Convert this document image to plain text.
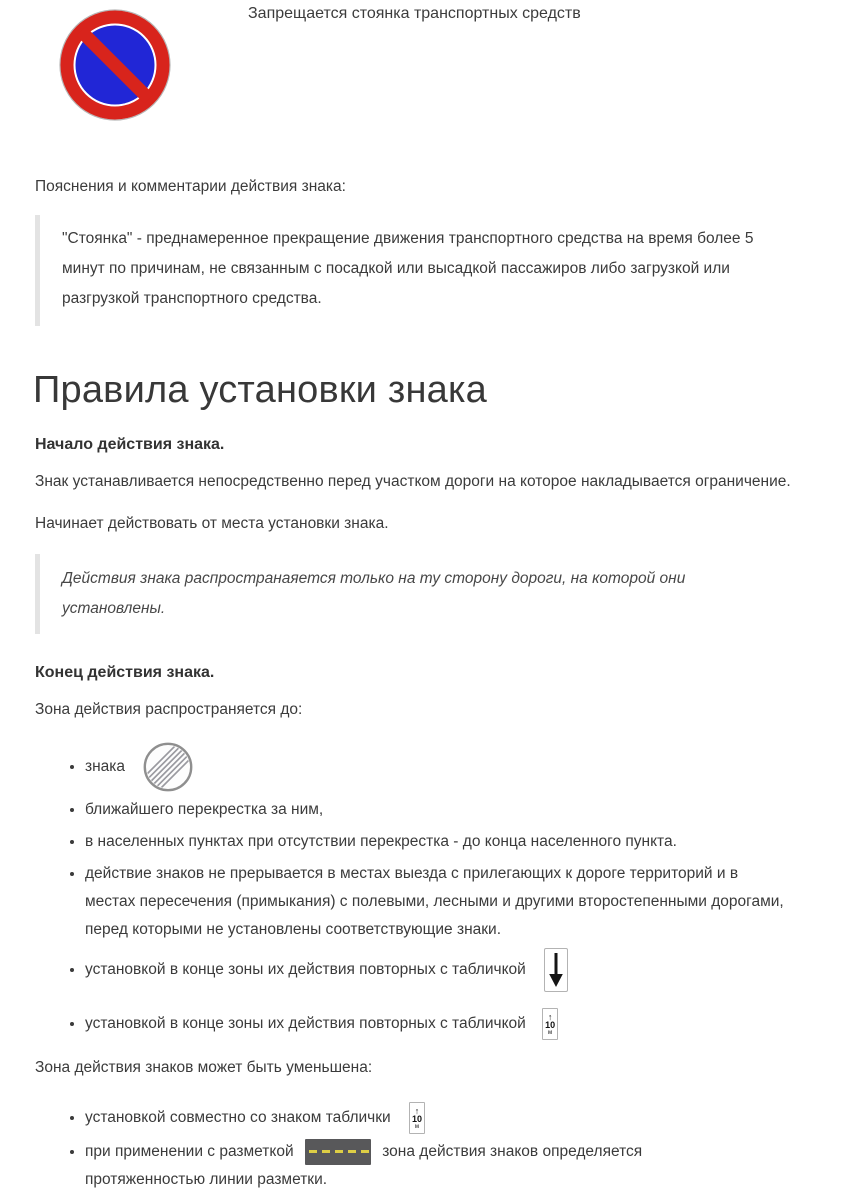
Запрещается стоянка транспортных средств

Пояснения и комментарии действия знака:

"Стоянка" - преднамеренное прекращение движения транспортного средства на время более 5 минут по причинам, не связанным с посадкой или высадкой пассажиров либо загрузкой или разгрузкой транспортного средства.
Правила установки знака

Начало действия знака.

Знак устанавливается непосредственно перед участком дороги на которое накладывается ограничение.

Начинает действовать от места установки знака.

Действия знака распространаяется только на ту сторону дороги, на которой они установлены.

Конец действия знака.

Зона действия распространяется до:

• знака
• ближайшего перекрестка за ним,
• в населенных пунктах при отсутствии перекрестка - до конца населенного пункта.
• действие знаков не прерывается в местах выезда с прилегающих к дороге территорий и в местах пересечения (примыкания) с полевыми, лесными и другими второстепенными дорогами, перед которыми не установлены соответствующие знаки.
• установкой в конце зоны их действия повторных с табличкой
• установкой в конце зоны их действия повторных с табличкой ↑
10
м

Зона действия знаков может быть уменьшена:

• установкой совместно со знаком таблички	↑
10
м
• при применении с разметкой	зона действия знаков определяется протяженностью линии разметки.
